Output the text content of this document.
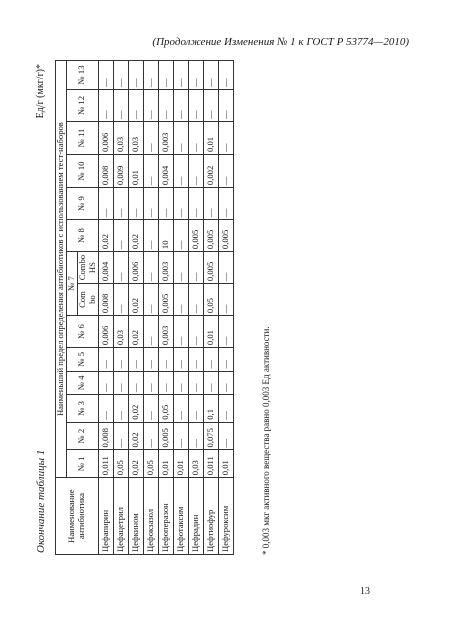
(Продолжение Изменения № 1 к ГОСТ Р 53774—2010)
Окончание таблицы 1
Ед/г (мкг/г)*
Наименование антибиотика	Наименьший предел определения антибиотиков с использованием тест-наборов													
	№ 1	№ 2	№ 3	№ 4	№ 5	№ 6	№ 7		№ 8	№ 9	№ 10	№ 11	№ 12	№ 13
							Com bo	Combo HS						
Цефапирин	0,011	0,008	—	—	—	0,006	0,008	0,004	0,02	—	0,008	0,006	—	—
Цефацетрил	0,05	—	—	—	—	0,03	—	—	—	—	0,009	0,03	—	—
Цефкином	0,02	0,02	0,02	—	—	0,02	0,02	0,006	0,02	—	0,01	0,03	—	—
Цефокзазол	0,05	—	—	—	—	—	—	—	—	—	—	—	—	—
Цефоперазон	0,01	0,005	0,05	—	—	0,003	0,005	0,003	10	—	0,004	0,003	—	—
Цефотаксим	0,01	—	—	—	—	—	—	—	—	—	—	—	—	—
Цефрадин	0,03	—	—	—	—	—	—	—	0,005	—	—	—	—	—
Цефтиофур	0,011	0,075	0,1	—	—	0,01	0,05	0,005	0,005	—	0,002	0,01	—	—
Цефуроксим	0,01	—	—	—	—	—	—	—	0,005	—	—	—	—	—
* 0,003 мкг активного вещества равно 0,003 Ед активности.
13
